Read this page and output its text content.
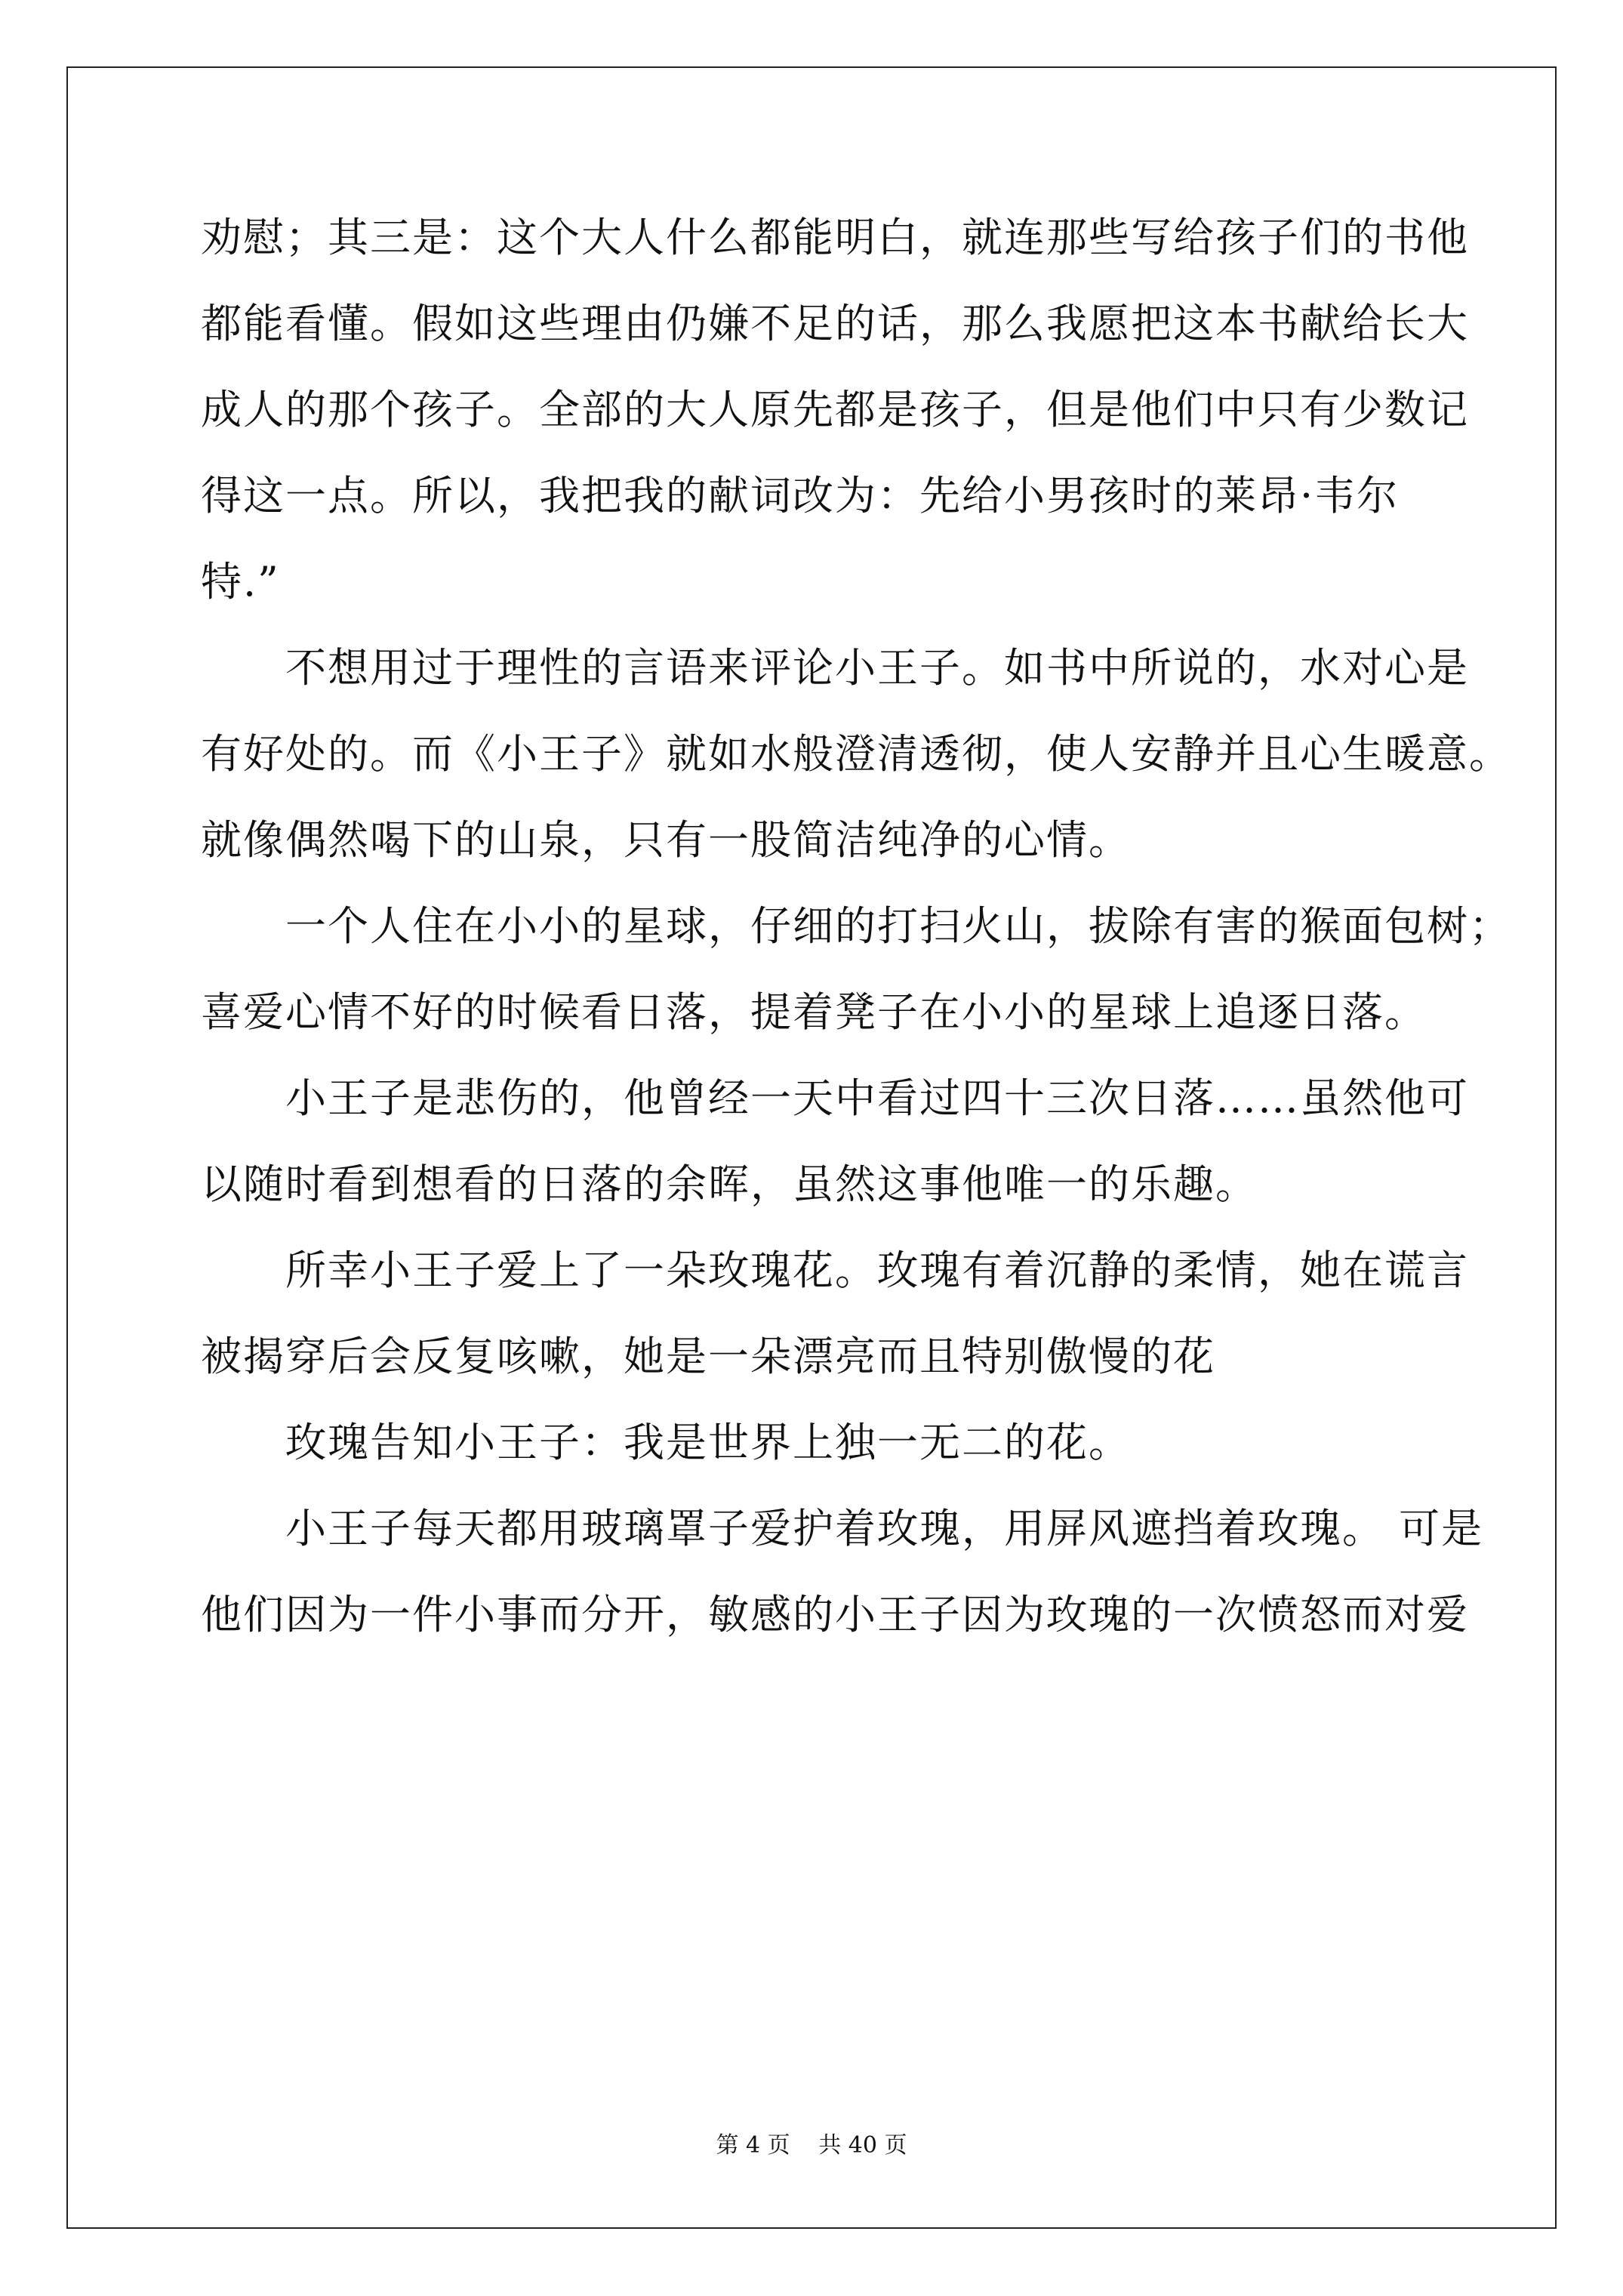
劝慰；其三是：这个大人什么都能明白，就连那些写给孩子们的书他
都能看懂。假如这些理由仍嫌不足的话，那么我愿把这本书献给长大
成人的那个孩子。全部的大人原先都是孩子，但是他们中只有少数记
得这一点。所以，我把我的献词改为：先给小男孩时的莱昂·韦尔
特.”
　　不想用过于理性的言语来评论小王子。如书中所说的，水对心是
有好处的。而《小王子》就如水般澄清透彻，使人安静并且心生暖意。
就像偶然喝下的山泉，只有一股简洁纯净的心情。
　　一个人住在小小的星球，仔细的打扫火山，拔除有害的猴面包树；
喜爱心情不好的时候看日落，提着凳子在小小的星球上追逐日落。
　　小王子是悲伤的，他曾经一天中看过四十三次日落……虽然他可
以随时看到想看的日落的余晖，虽然这事他唯一的乐趣。
　　所幸小王子爱上了一朵玫瑰花。玫瑰有着沉静的柔情，她在谎言
被揭穿后会反复咳嗽，她是一朵漂亮而且特别傲慢的花
　　玫瑰告知小王子：我是世界上独一无二的花。
　　小王子每天都用玻璃罩子爱护着玫瑰，用屏风遮挡着玫瑰。 可是
他们因为一件小事而分开，敏感的小王子因为玫瑰的一次愤怒而对爱
第 4 页 共 40 页
